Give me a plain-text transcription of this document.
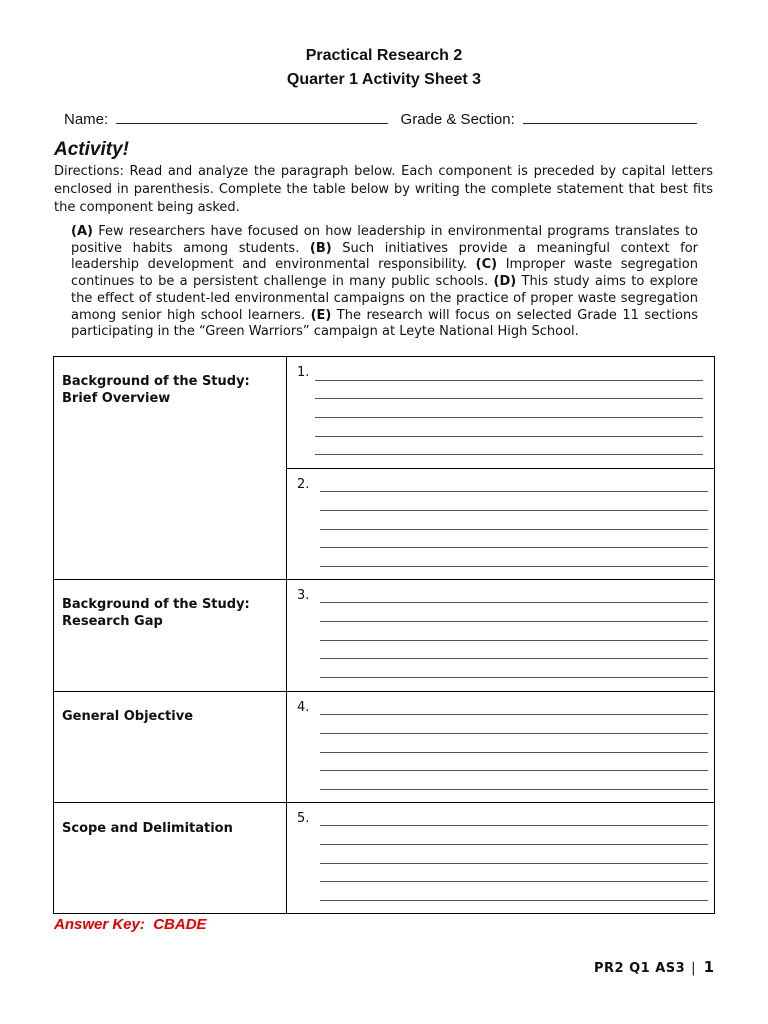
Practical Research 2
Quarter 1 Activity Sheet 3
Name:	Grade & Section:
Activity!
Directions: Read and analyze the paragraph below. Each component is preceded by capital letters enclosed in parenthesis. Complete the table below by writing the complete statement that best fits the component being asked.
(A) Few researchers have focused on how leadership in environmental programs translates to positive habits among students. (B) Such initiatives provide a meaningful context for leadership development and environmental responsibility. (C) Improper waste segregation continues to be a persistent challenge in many public schools. (D) This study aims to explore the effect of student-led environmental campaigns on the practice of proper waste segregation among senior high school learners. (E) The research will focus on selected Grade 11 sections participating in the “Green Warriors” campaign at Leyte National High School.
Background of the Study:
Brief Overview
Background of the Study:
Research Gap
General Objective
Scope and Delimitation
1.
2.
3.
4.
5.
Answer Key: CBADE
PR2 Q1 AS3 | 1
